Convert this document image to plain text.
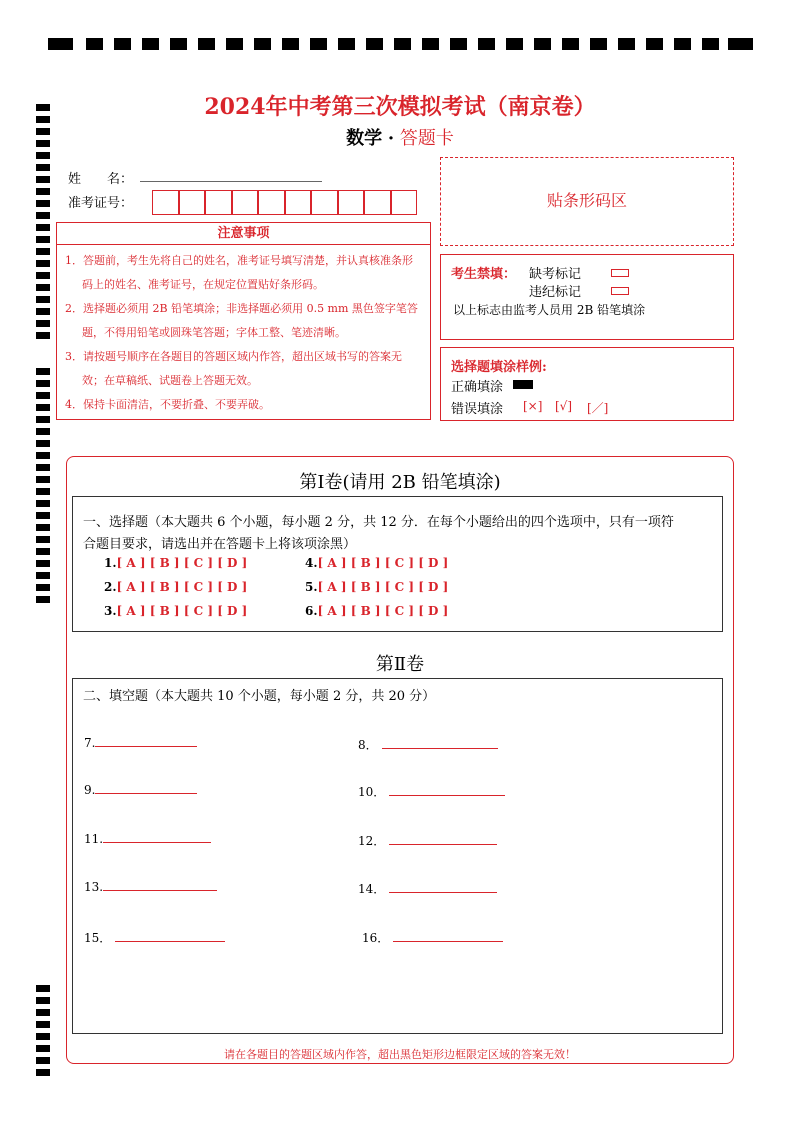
2024年中考第三次模拟考试（南京卷）
数学 · 答题卡
姓　　名：
准考证号：
注意事项
1．答题前，考生先将自己的姓名，准考证号填写清楚，并认真核准条形码上的姓名、准考证号，在规定位置贴好条形码。
2．选择题必须用 2B 铅笔填涂；非选择题必须用 0.5 mm 黑色签字笔答题，不得用铅笔或圆珠笔答题；字体工整、笔迹清晰。
3．请按题号顺序在各题目的答题区域内作答，超出区域书写的答案无效；在草稿纸、试题卷上答题无效。
4．保持卡面清洁，不要折叠、不要弄破。
贴条形码区
考生禁填： 缺考标记
违纪标记
以上标志由监考人员用 2B 铅笔填涂
选择题填涂样例:
正确填涂
错误填涂 [×] [√] [／]
第Ⅰ卷(请用 2B 铅笔填涂)
一、选择题（本大题共 6 个小题，每小题 2 分，共 12 分．在每个小题给出的四个选项中，只有一项符
合题目要求，请选出并在答题卡上将该项涂黑）
1.[ A ] [ B ] [ C ] [ D ]
2.[ A ] [ B ] [ C ] [ D ]
3.[ A ] [ B ] [ C ] [ D ]
4.[ A ] [ B ] [ C ] [ D ]
5.[ A ] [ B ] [ C ] [ D ]
6.[ A ] [ B ] [ C ] [ D ]
第Ⅱ卷
二、填空题（本大题共 10 个小题，每小题 2 分，共 20 分）
7.	8．
9.	10．
11.	12．
13.	14．
15．	16．
请在各题目的答题区域内作答，超出黑色矩形边框限定区域的答案无效！
